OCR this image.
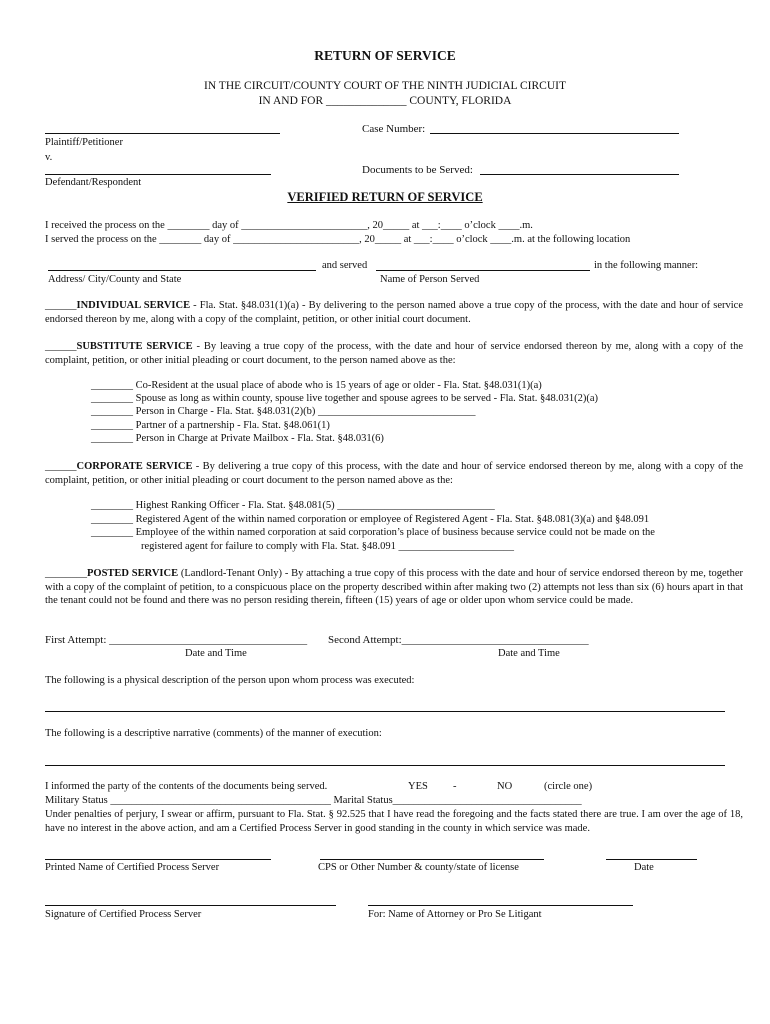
RETURN OF SERVICE
IN THE CIRCUIT/COUNTY COURT OF THE NINTH JUDICIAL CIRCUIT
IN AND FOR ______________ COUNTY, FLORIDA
Plaintiff/Petitioner
v.
Defendant/Respondent
Case Number:
Documents to be Served:
VERIFIED RETURN OF SERVICE
I received the process on the ________ day of ________________________, 20_____ at ___:____ o’clock ____.m.
I served the process on the ________ day of ________________________, 20_____ at ___:____ o’clock ____.m. at the following location
and served	in the following manner:
Address/ City/County and State	Name of Person Served
______INDIVIDUAL SERVICE - Fla. Stat. §48.031(1)(a) - By delivering to the person named above a true copy of the process, with the date and hour of service endorsed thereon by me, along with a copy of the complaint, petition, or other initial court document.
______SUBSTITUTE SERVICE - By leaving a true copy of the process, with the date and hour of service endorsed thereon by me, along with a copy of the complaint, petition, or other initial pleading or court document, to the person named above as the:
________ Co-Resident at the usual place of abode who is 15 years of age or older - Fla. Stat. §48.031(1)(a)
________ Spouse as long as within county, spouse live together and spouse agrees to be served - Fla. Stat. §48.031(2)(a)
________ Person in Charge - Fla. Stat. §48.031(2)(b) ______________________________
________ Partner of a partnership - Fla. Stat. §48.061(1)
________ Person in Charge at Private Mailbox - Fla. Stat. §48.031(6)
______CORPORATE SERVICE - By delivering a true copy of this process, with the date and hour of service endorsed thereon by me, along with a copy of the complaint, petition, or other initial pleading or court document to the person named above as the:
________ Highest Ranking Officer - Fla. Stat. §48.081(5) ______________________________
________ Registered Agent of the within named corporation or employee of Registered Agent - Fla. Stat. §48.081(3)(a) and §48.091
________ Employee of the within named corporation at said corporation’s place of business because service could not be made on the
registered agent for failure to comply with Fla. Stat. §48.091 ______________________
________POSTED SERVICE (Landlord-Tenant Only) - By attaching a true copy of this process with the date and hour of service endorsed thereon by me, together with a copy of the complaint of petition, to a conspicuous place on the property described within after making two (2) attempts not less than six (6) hours apart in that the tenant could not be found and there was no person residing therein, fifteen (15) years of age or older upon whom service could be made.
First Attempt: ____________________________________ Second Attempt:__________________________________
Date and Time	Date and Time
The following is a physical description of the person upon whom process was executed:
The following is a descriptive narrative (comments) of the manner of execution:
I informed the party of the contents of the documents being served.	YES -	NO	(circle one)
Military Status __________________________________________ Marital Status____________________________________
Under penalties of perjury, I swear or affirm, pursuant to Fla. Stat. § 92.525 that I have read the foregoing and the facts stated there are true. I am over the age of 18, have no interest in the above action, and am a Certified Process Server in good standing in the county in which service was made.
Printed Name of Certified Process Server	CPS or Other Number & county/state of license	Date
Signature of Certified Process Server	For: Name of Attorney or Pro Se Litigant
